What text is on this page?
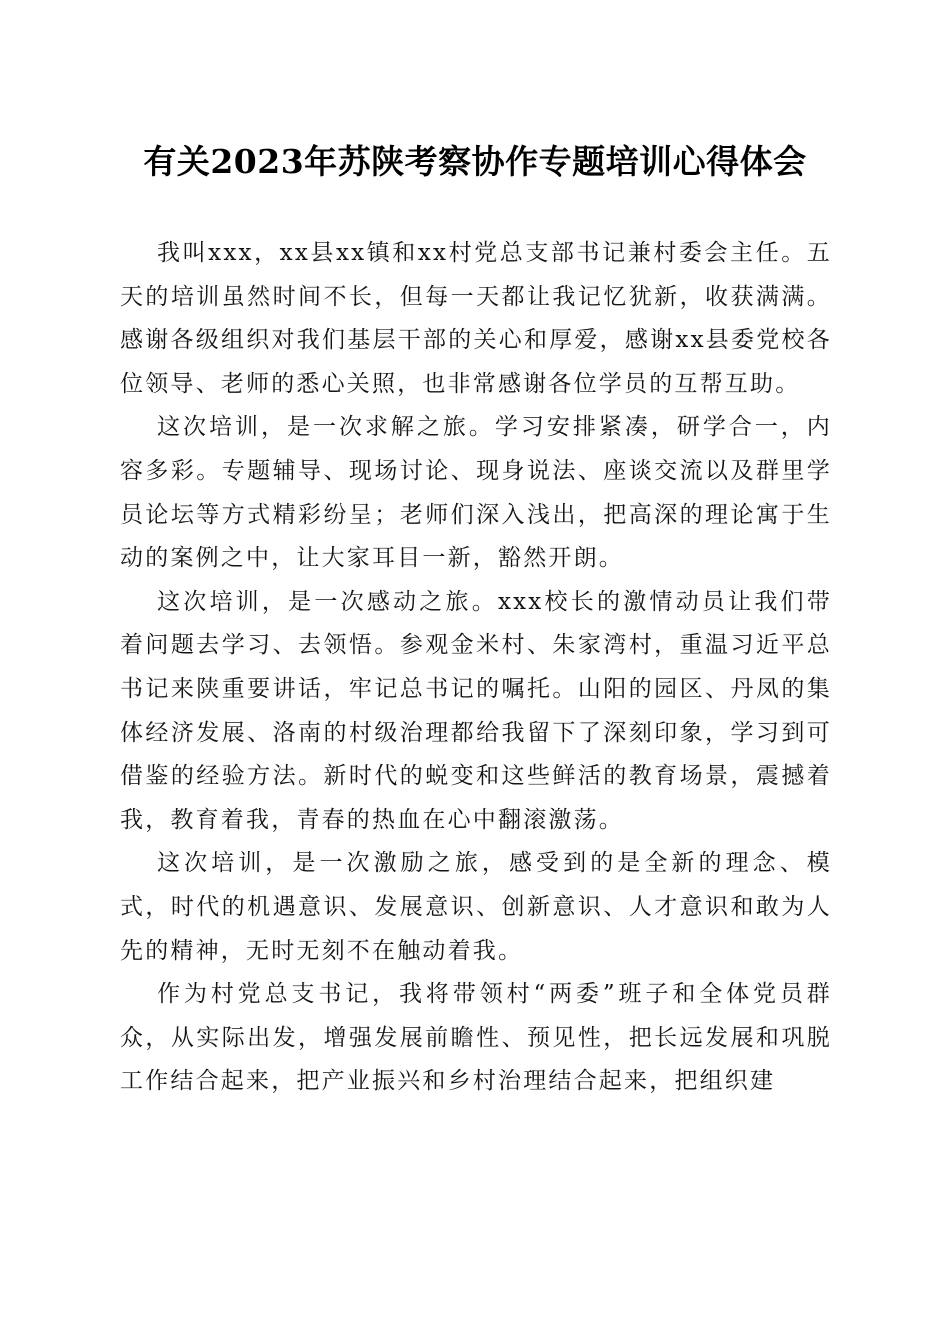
有关2023年苏陕考察协作专题培训心得体会

我叫xxx，xx县xx镇和xx村党总支部书记兼村委会主任。五天的培训虽然时间不长，但每一天都让我记忆犹新，收获满满。感谢各级组织对我们基层干部的关心和厚爱，感谢xx县委党校各位领导、老师的悉心关照，也非常感谢各位学员的互帮互助。

这次培训，是一次求解之旅。学习安排紧凑，研学合一，内容多彩。专题辅导、现场讨论、现身说法、座谈交流以及群里学员论坛等方式精彩纷呈；老师们深入浅出，把高深的理论寓于生动的案例之中，让大家耳目一新，豁然开朗。

这次培训，是一次感动之旅。xxx校长的激情动员让我们带着问题去学习、去领悟。参观金米村、朱家湾村，重温习近平总书记来陕重要讲话，牢记总书记的嘱托。山阳的园区、丹凤的集体经济发展、洛南的村级治理都给我留下了深刻印象，学习到可借鉴的经验方法。新时代的蜕变和这些鲜活的教育场景，震撼着我，教育着我，青春的热血在心中翻滚激荡。

这次培训，是一次激励之旅，感受到的是全新的理念、模式，时代的机遇意识、发展意识、创新意识、人才意识和敢为人先的精神，无时无刻不在触动着我。

作为村党总支书记，我将带领村“两委”班子和全体党员群众，从实际出发，增强发展前瞻性、预见性，把长远发展和巩脱工作结合起来，把产业振兴和乡村治理结合起来，把组织建
